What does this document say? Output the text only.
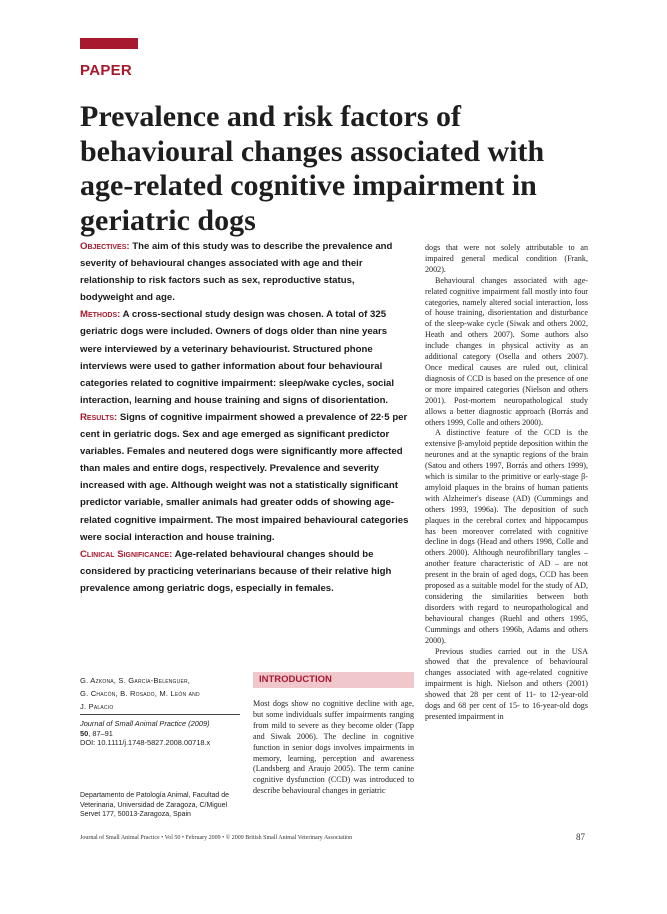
PAPER
Prevalence and risk factors of behavioural changes associated with age-related cognitive impairment in geriatric dogs

Objectives: The aim of this study was to describe the prevalence and severity of behavioural changes associated with age and their relationship to risk factors such as sex, reproductive status, bodyweight and age.

Methods: A cross-sectional study design was chosen. A total of 325 geriatric dogs were included. Owners of dogs older than nine years were interviewed by a veterinary behaviourist. Structured phone interviews were used to gather information about four behavioural categories related to cognitive impairment: sleep/wake cycles, social interaction, learning and house training and signs of disorientation.

Results: Signs of cognitive impairment showed a prevalence of 22·5 per cent in geriatric dogs. Sex and age emerged as significant predictor variables. Females and neutered dogs were significantly more affected than males and entire dogs, respectively. Prevalence and severity increased with age. Although weight was not a statistically significant predictor variable, smaller animals had greater odds of showing age-related cognitive impairment. The most impaired behavioural categories were social interaction and house training.

Clinical Significance: Age-related behavioural changes should be considered by practicing veterinarians because of their relative high prevalence among geriatric dogs, especially in females.

G. Azkona, S. García-Belenguer,
G. Chacón, B. Rosado, M. León and
J. Palacio
Journal of Small Animal Practice (2009)
50, 87–91
DOI: 10.1111/j.1748-5827.2008.00718.x
Departamento de Patología Animal, Facultad de
Veterinaria, Universidad de Zaragoza, C/Miguel
Servet 177, 50013-Zaragoza, Spain
INTRODUCTION

Most dogs show no cognitive decline with age, but some individuals suffer impairments ranging from mild to severe as they become older (Tapp and Siwak 2006). The decline in cognitive function in senior dogs involves impairments in memory, learning, perception and awareness (Landsberg and Araujo 2005). The term canine cognitive dysfunction (CCD) was introduced to describe behavioural changes in geriatric

dogs that were not solely attributable to an impaired general medical condition (Frank, 2002).

Behavioural changes associated with age-related cognitive impairment fall mostly into four categories, namely altered social interaction, loss of house training, disorientation and disturbance of the sleep-wake cycle (Siwak and others 2002, Heath and others 2007). Some authors also include changes in physical activity as an additional category (Osella and others 2007). Once medical causes are ruled out, clinical diagnosis of CCD is based on the presence of one or more impaired categories (Nielson and others 2001). Post-mortem neuropathological study allows a better diagnostic approach (Borrás and others 1999, Colle and others 2000).

A distinctive feature of the CCD is the extensive β-amyloid peptide deposition within the neurones and at the synaptic regions of the brain (Satou and others 1997, Borrás and others 1999), which is similar to the primitive or early-stage β-amyloid plaques in the brains of human patients with Alzheimer's disease (AD) (Cummings and others 1993, 1996a). The deposition of such plaques in the cerebral cortex and hippocampus has been moreover correlated with cognitive decline in dogs (Head and others 1998, Colle and others 2000). Although neurofibrillary tangles – another feature characteristic of AD – are not present in the brain of aged dogs, CCD has been proposed as a suitable model for the study of AD, considering the similarities between both disorders with regard to neuropathological and behavioural changes (Ruehl and others 1995, Cummings and others 1996b, Adams and others 2000).

Previous studies carried out in the USA showed that the prevalence of behavioural changes associated with age-related cognitive impairment is high. Nielson and others (2001) showed that 28 per cent of 11- to 12-year-old dogs and 68 per cent of 15- to 16-year-old dogs presented impairment in

Journal of Small Animal Practice • Vol 50 • February 2009 • © 2009 British Small Animal Veterinary Association	87
